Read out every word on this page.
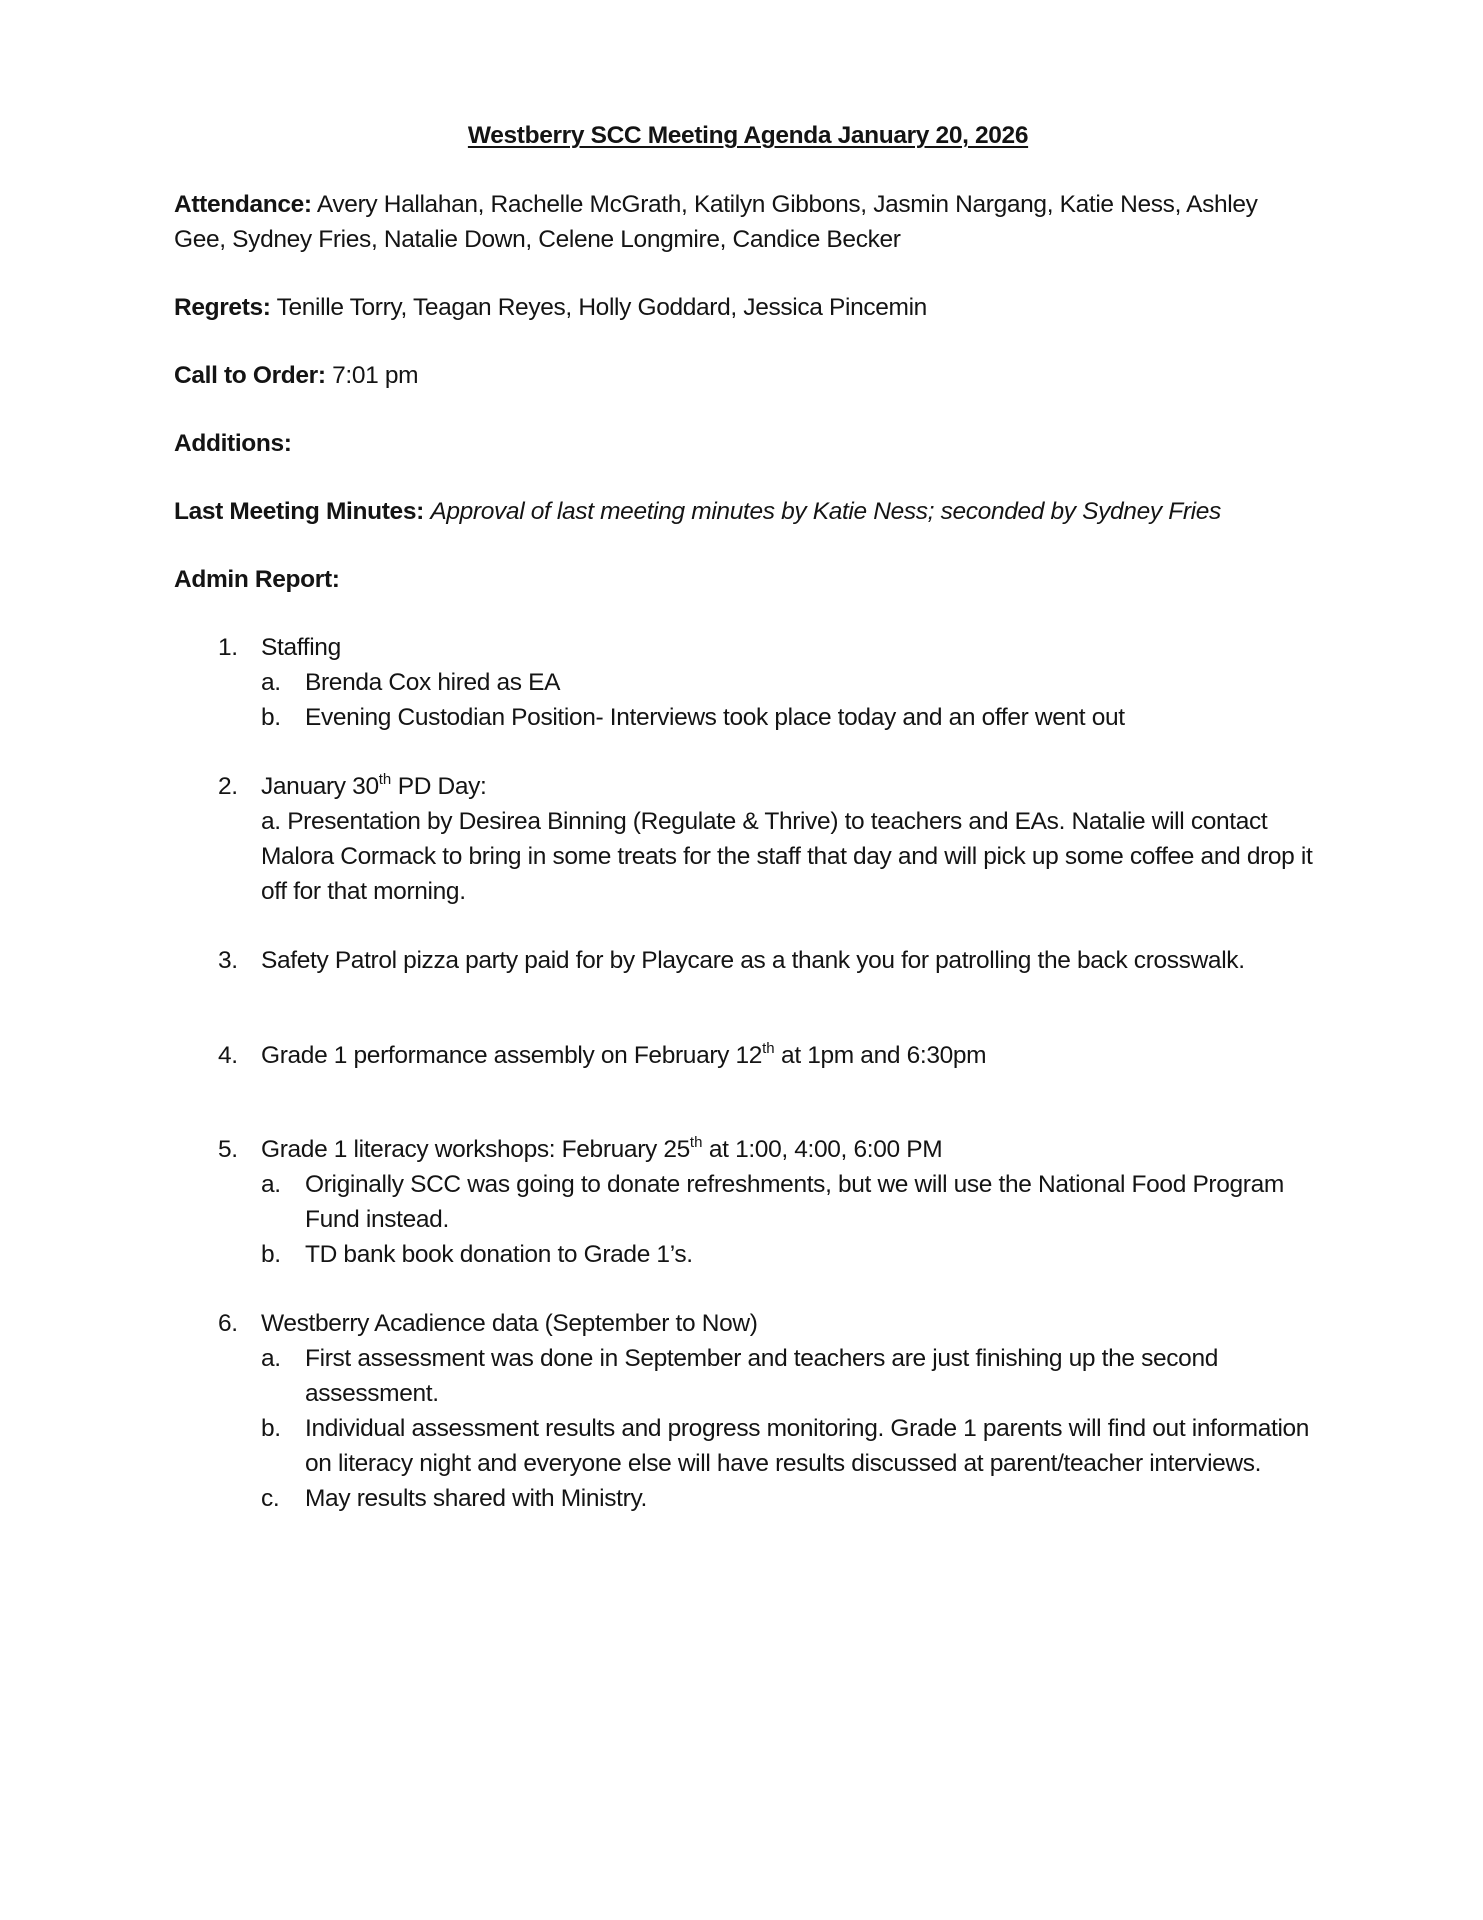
Westberry SCC Meeting Agenda January 20, 2026

Attendance: Avery Hallahan, Rachelle McGrath, Katilyn Gibbons, Jasmin Nargang, Katie Ness, Ashley Gee, Sydney Fries, Natalie Down, Celene Longmire, Candice Becker

Regrets: Tenille Torry, Teagan Reyes, Holly Goddard, Jessica Pincemin

Call to Order: 7:01 pm

Additions:

Last Meeting Minutes: Approval of last meeting minutes by Katie Ness; seconded by Sydney Fries

Admin Report:

1. Staffing
a. Brenda Cox hired as EA
b. Evening Custodian Position- Interviews took place today and an offer went out
2. January 30th PD Day:
a. Presentation by Desirea Binning (Regulate & Thrive) to teachers and EAs. Natalie will contact Malora Cormack to bring in some treats for the staff that day and will pick up some coffee and drop it off for that morning.
3. Safety Patrol pizza party paid for by Playcare as a thank you for patrolling the back crosswalk.
4. Grade 1 performance assembly on February 12th at 1pm and 6:30pm
5. Grade 1 literacy workshops: February 25th at 1:00, 4:00, 6:00 PM
a. Originally SCC was going to donate refreshments, but we will use the National Food Program Fund instead.
b. TD bank book donation to Grade 1’s.
6. Westberry Acadience data (September to Now)
a. First assessment was done in September and teachers are just finishing up the second assessment.
b. Individual assessment results and progress monitoring. Grade 1 parents will find out information on literacy night and everyone else will have results discussed at parent/teacher interviews.
c. May results shared with Ministry.
